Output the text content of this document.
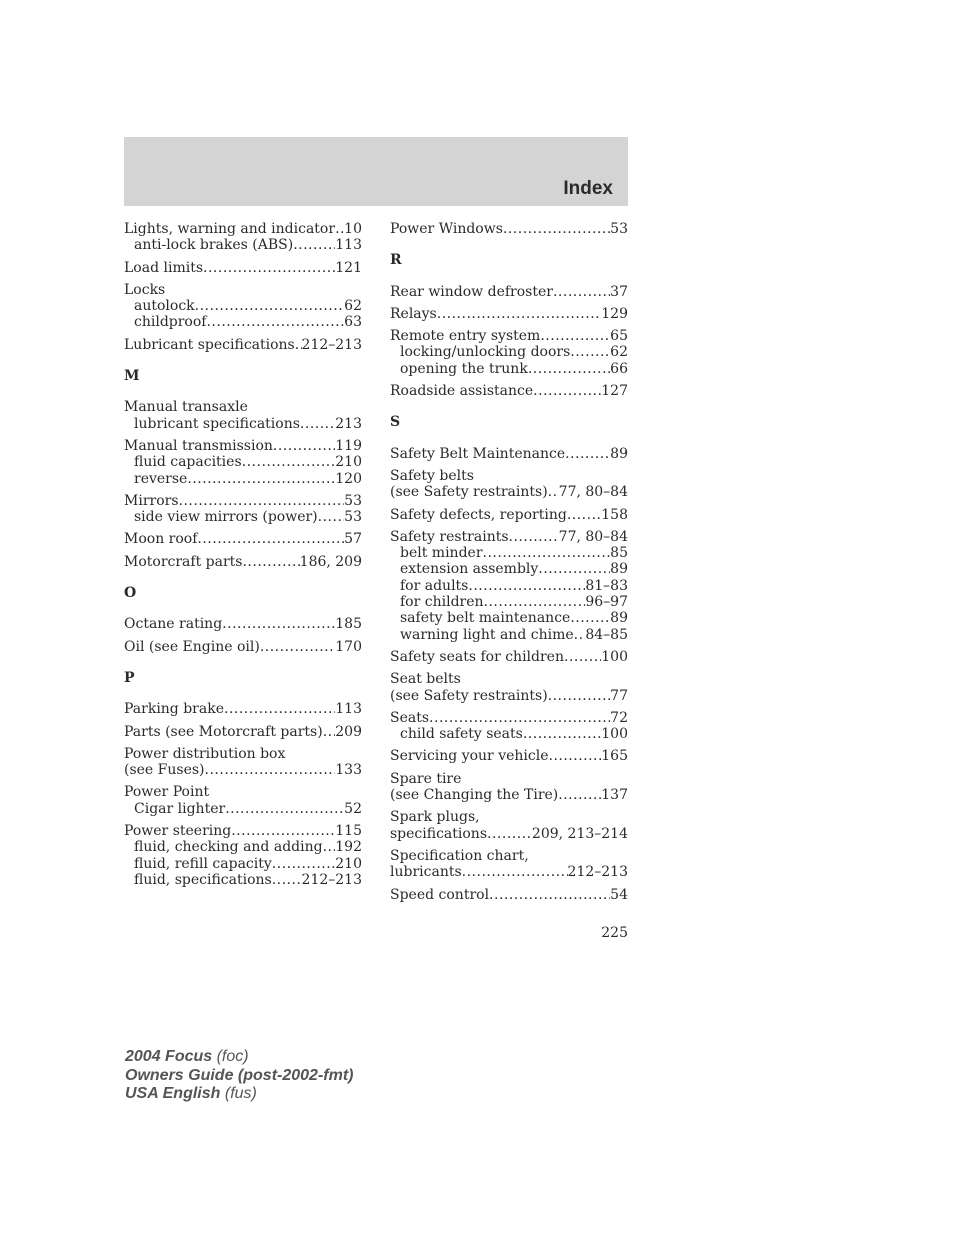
Index
Lights, warning and indicator ..... 10
anti-lock brakes (ABS) .....	113
Load limits .....	121
Locks
autolock .....	62
childproof .....	63
Lubricant specifications ..... 212–213
M
Manual transaxle
lubricant specifications .....	213
Manual transmission .....	119
fluid capacities .....	210
reverse .....	120
Mirrors .....	53
side view mirrors (power) ..... 53
Moon roof .....	57
Motorcraft parts .....	186, 209
O
Octane rating .....	185
Oil (see Engine oil) .....	170
P
Parking brake .....	113
Parts (see Motorcraft parts) ..... 209
Power distribution box
(see Fuses) .....	133
Power Point
Cigar lighter .....	52
Power steering .....	115
fluid, checking and adding ..... 192
fluid, refill capacity .....	210
fluid, specifications ..... 212–213
Power Windows .....	53
R
Rear window defroster .....	37
Relays .....	129
Remote entry system .....	65
locking/unlocking doors .....	62
opening the trunk .....	66
Roadside assistance .....	127
S
Safety Belt Maintenance .....	89
Safety belts
(see Safety restraints) ..... 77, 80–84
Safety defects, reporting ..... 158
Safety restraints .....	77, 80–84
belt minder .....	85
extension assembly .....	89
for adults .....	81–83
for children .....	96–97
safety belt maintenance .....	89
warning light and chime ..... 84–85
Safety seats for children .....	100
Seat belts
(see Safety restraints) .....	77
Seats .....	72
child safety seats .....	100
Servicing your vehicle .....	165
Spare tire
(see Changing the Tire) .....	137
Spark plugs,
specifications .....	209, 213–214
Specification chart,
lubricants .....	212–213
Speed control .....	54
225
2004 Focus (foc)
Owners Guide (post-2002-fmt)
USA English (fus)
